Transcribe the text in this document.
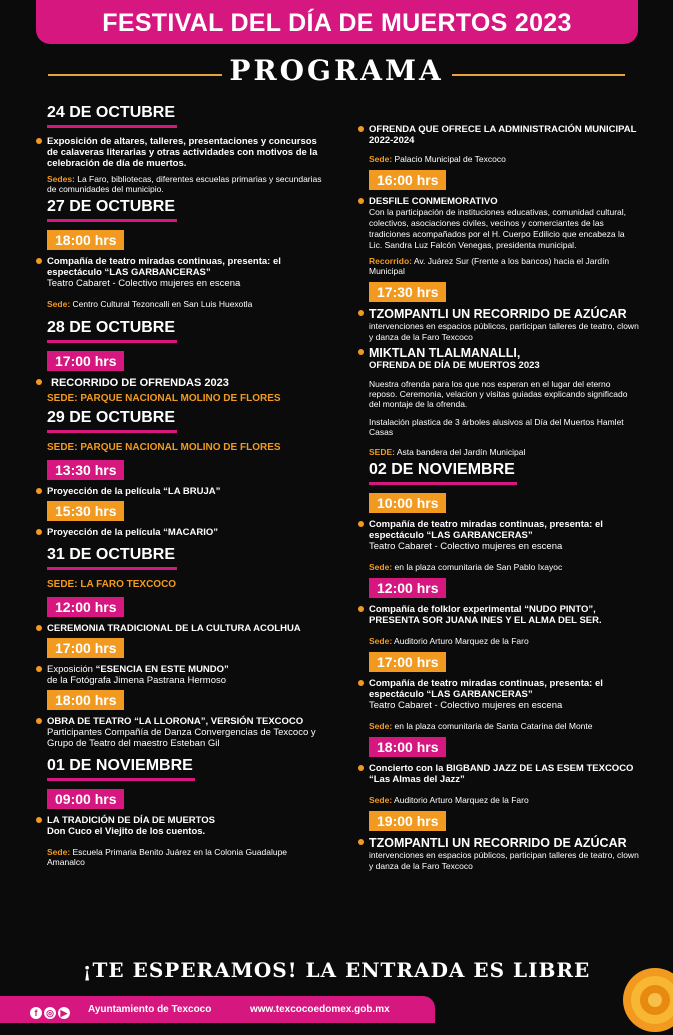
FESTIVAL DEL DÍA DE MUERTOS 2023
PROGRAMA
24 DE OCTUBRE
Exposición de altares, talleres, presentaciones y concursos de calaveras literarias y otras actividades con motivos de la celebración de día de muertos.
Sedes: La Faro, bibliotecas, diferentes escuelas primarias y secundarias de comunidades del municipio.
27 DE OCTUBRE
18:00 hrs
Compañía de teatro miradas continuas, presenta: el espectáculo “LAS GARBANCERAS”
Teatro Cabaret - Colectivo mujeres en escena
Sede: Centro Cultural Tezoncalli en San Luis Huexotla
28 DE OCTUBRE
17:00 hrs
RECORRIDO DE OFRENDAS 2023
SEDE: PARQUE NACIONAL MOLINO DE FLORES
29 DE OCTUBRE
SEDE: PARQUE NACIONAL MOLINO DE FLORES
13:30 hrs
Proyección de la película “LA BRUJA”
15:30 hrs
Proyección de la película “MACARIO”
31 DE OCTUBRE
SEDE: LA FARO TEXCOCO
12:00 hrs
CEREMONIA TRADICIONAL DE LA CULTURA ACOLHUA
17:00 hrs
Exposición “ESENCIA EN ESTE MUNDO”
de la Fotógrafa Jimena Pastrana Hermoso
18:00 hrs
OBRA DE TEATRO “LA LLORONA”, VERSIÓN TEXCOCO
Participantes Compañía de Danza Convergencias de Texcoco y Grupo de Teatro del maestro Esteban Gil
01 DE NOVIEMBRE
09:00 hrs
LA TRADICIÓN DE DÍA DE MUERTOS
Don Cuco el Viejito de los cuentos.
Sede: Escuela Primaria Benito Juárez en la Colonia Guadalupe Amanalco
OFRENDA QUE OFRECE LA ADMINISTRACIÓN MUNICIPAL 2022-2024
Sede: Palacio Municipal de Texcoco
16:00 hrs
DESFILE CONMEMORATIVO
Con la participación de instituciones educativas, comunidad cultural, colectivos, asociaciones civiles, vecinos y comerciantes de las tradiciones acompañados por el H. Cuerpo Edilicio que encabeza la Lic. Sandra Luz Falcón Venegas, presidenta municipal.
Recorrido: Av. Juárez Sur (Frente a los bancos) hacia el Jardín Municipal
17:30 hrs
TZOMPANTLI UN RECORRIDO DE AZÚCAR
intervenciones en espacios públicos, participan talleres de teatro, clown y danza de la Faro Texcoco
MIKTLAN TLALMANALLI,
OFRENDA DE DÍA DE MUERTOS 2023
Nuestra ofrenda para los que nos esperan en el lugar del eterno reposo. Ceremonia, velacion y visitas guiadas explicando significado del montaje de la ofrenda.
Instalación plastica de 3 árboles alusivos al Día del Muertos Hamlet Casas
SEDE: Asta bandera del Jardín Municipal
02 DE NOVIEMBRE
10:00 hrs
Compañía de teatro miradas continuas, presenta: el espectáculo “LAS GARBANCERAS”
Teatro Cabaret - Colectivo mujeres en escena
Sede: en la plaza comunitaria de San Pablo Ixayoc
12:00 hrs
Compañía de folklor experimental “NUDO PINTO”, PRESENTA SOR JUANA INES Y EL ALMA DEL SER.
Sede: Auditorio Arturo Marquez de la Faro
17:00 hrs
Compañía de teatro miradas continuas, presenta: el espectáculo “LAS GARBANCERAS”
Teatro Cabaret - Colectivo mujeres en escena
Sede: en la plaza comunitaria de Santa Catarina del Monte
18:00 hrs
Concierto con la BIGBAND JAZZ DE LAS ESEM TEXCOCO “Las Almas del Jazz”
Sede: Auditorio Arturo Marquez de la Faro
19:00 hrs
TZOMPANTLI UN RECORRIDO DE AZÚCAR
intervenciones en espacios públicos, participan talleres de teatro, clown y danza de la Faro Texcoco
¡TE ESPERAMOS! LA ENTRADA ES LIBRE
f ◎ ▶	Ayuntamiento de Texcoco	www.texcocoedomex.gob.mx
